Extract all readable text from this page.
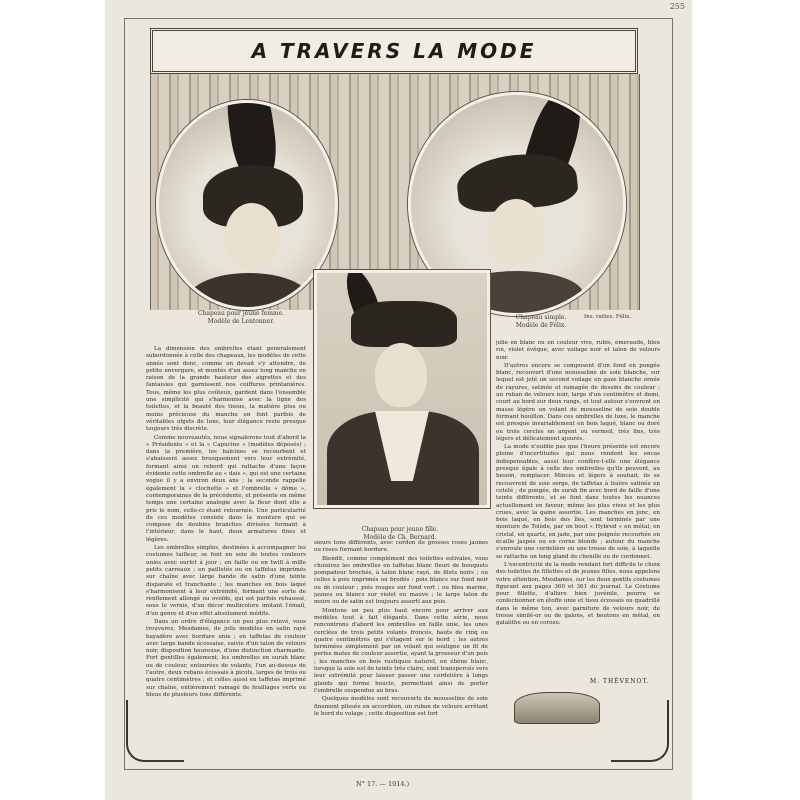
255
A TRAVERS LA MODE
Chapeau pour jeune femme.
Modèle de Lentonner.	Chapeau simple.
Modèle de Félix.
Ins. rattes. Félix.
Chapeau pour jeune fille.
Modèle de Ch. Bernard.

La dimension des ombrelles étant généralement subordonnée à celle des chapeaux, les modèles de cette année sont donc, comme on devait s'y attendre, de petite envergure, et montés d'un assez long manche en raison de la grande hauteur des aigrettes et des fantaisies qui garnissent nos coiffures printanières. Tous, même les plus coûteux, gardent dans l'ensemble une simplicité qui s'harmonise avec la ligne des toilettes, et la beauté des tissus, la matière plus ou moins précieuse du manche en font parfois de véritables objets de luxe, leur élégance reste presque toujours très discrète.

Comme nouveautés, nous signalerons tout d'abord la « Présidente » et la « Capucine » (modèles déposés) ; dans la première, les baleines se recourbent et s'abaissent assez brusquement vers leur extrémité, formant ainsi un rebord qui rattache d'une façon évidente cette ombrelle au « dais », qui est une certaine vogue il y a environ deux ans ; la seconde rappelle également la « clochette » et l'ombrelle « dôme », contemporaines de la précédente, et présente en même temps une certaine analogie avec la fleur dont elle a pris le nom, celle-ci étant retournée. Une particularité de ces modèles consiste dans la monture qui se compose de doubles branches divisées formant à l'intérieur, dans le haut, deux armatures fines et légères.

Les ombrelles simples, destinées à accompagner les costumes tailleur, se font en soie de toutes couleurs unies avec ourlet à jour ; en faille ou en twill à mille petits carreaux ; en pailletés ou en taffetas imprimés sur chaîne avec large bande de satin d'une teinte disparate et tranchante ; les manches en bois laqué s'harmonisent à leur extrémité, formant une sorte de renflement allongé ou ovoïde, qui est parfois rehaussé, sous le vernis, d'un décor multicolore imitant l'émail, d'un genre et d'un effet absolument inédits.

Dans un ordre d'élégance un peu plus relevé, vous trouverez, Mesdames, de jolis modèles en satin rayé bayadère avec bordure unie ; en taffetas de couleur avec large bande écossaise, suivie d'un talon de velours noir, disposition heureuse, d'une distinction charmante. Fort gentilles également, les ombrelles en surah blanc ou de couleur, entourées de volants, l'un au-dessus de l'autre, deux rubans écossais à picots, larges de trois ou quatre centimètres ; et celles aussi en taffetas imprimé sur chaîne, entièrement ramagé de feuillages verts ou bleus de plusieurs tons différents.

sieurs tons différents, avec cordon de grosses roses jaunes ou roses formant bordure.

Biendit, comme complément des toilettes estivales, vous choisirez les ombrelles en taffetas blanc fleuri de bouquets pompadour brochés, à talon blanc rayé, de filets noirs ; ou celles à pois imprimés ou brodés : pois blancs sur fond noir ou de couleur ; pois rouges sur fond vert ; ou bleu marine, jaunes ou blancs sur violet ou mauve ; le large talon de moire ou de satin est toujours assorti aux pois.

Montons un peu plus haut encore pour arriver aux modèles tout à fait élégants. Dans cette série, nous rencontrons d'abord les ombrelles en faille unie, les unes cerclées de trois petits volants froncés, hauts de cinq ou quatre centimètres qui s'étagent sur le bord ; les autres terminées simplement par un volant qui souligne un fil de perles mates de couleur assortie, ayant la grosseur d'un pois ; les manches en bois rustiques naturel, en ébène blanc, lorsque la soie est de teinte très claire, sont transpercés vers leur extrémité pour laisser passer une cordelière à longs glands qui forme boucle, permettant ainsi de porter l'ombrelle suspendue au bras.

Quelques modèles sont recouverts de mousseline de soie finement plissée en accordéon, un ruban de velours arrêtant le bord du volage ; cette disposition est fort

jolie en blanc ou en couleur vive, rubis, émeraude, bleu roi, violet évêque, avec voilage noir et talon de velours noir.

D'autres encore se composent d'un fond en pongée blanc, recouvert d'une mousseline de soie blanche, sur lequel est jeté un second voilage en gaze blanche ornée de rayures, satinée et ramagée de dessins de couleur ; un ruban de velours noir, large d'un centimètre et demi, court au bord sur deux rangs, et tout autour s'ouvrent en masse légère un volant de mousseline de soie double formant bouillon. Dans ces ombrelles de luxe, le manche est presque invariablement en bois laqué, blanc ou doré ou trois cercles en argent ou vermeil, très fins, très légers et délicatement ajourés.

La mode n'oublie pas que l'heure présente est encore pleine d'incertitudes qui nous rendent les encas indispensables, aussi leur confère-t-elle une élégance presque égale à celle des ombrelles qu'ils peuvent, au besoin, remplacer. Minces et légers à souhait, ils se recouvrent de soie serge, de taffetas à lisière satinée en cotelé ; de pongée, de surah fin avec bord de faille d'une teinte différente, et se font dans toutes les nuances actuellement en faveur, même les plus vives et les plus crues, avec la gaine assortie. Les manches en jonc, en bois laqué, en bois des îles, sont terminés par une monture de Tolède, par un bout « Hybred » en métal, en cristal, en quartz, en jade, par une poignée recourbée en écaille jaspée ou en corne blonde ; autour du manche s'enroule une cordelière ou une tresse de soie, à laquelle se rattache un long gland de chenille ou de cordonnet.

L'excentricité de la mode rendant fort difficile le choix des toilettes de fillettes et de jeunes filles, nous appelons votre attention, Mesdames, sur les deux gentils costumes figurant aux pages 360 et 361 du journal. Le Costume pour fillette, d'allure bien juvénile, pourra se confectionner en étoffe unie et tissu écossais ou quadrillé dans le même ton, avec garniture de velours noir, de tresse similé-or ou de galons, et boutons en métal, en galalithe ou en corozo.

M. THÉVENOT.
N° 17. — 1914.)
